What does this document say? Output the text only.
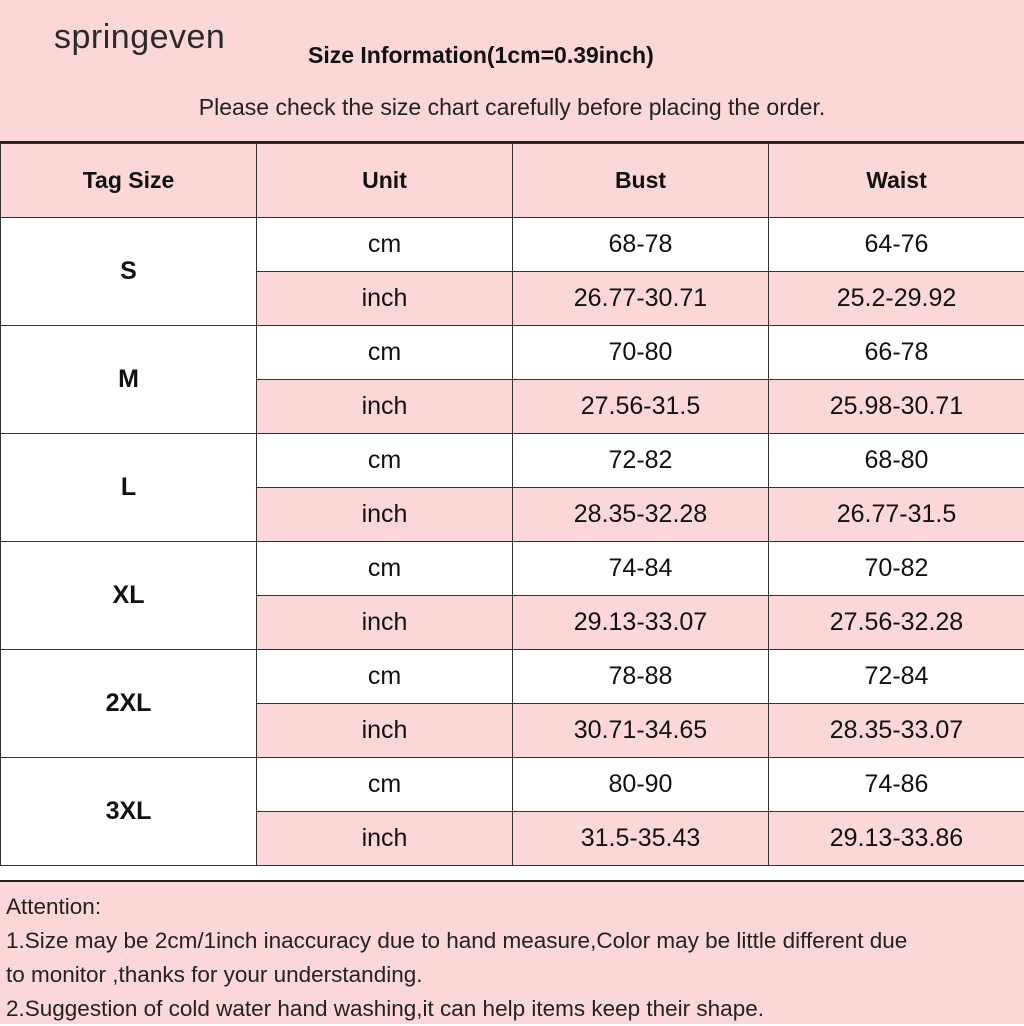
springeven	Size Information(1cm=0.39inch)
Please check the size chart carefully before placing the order.
Tag Size	Unit	Bust	Waist
S	cm	68-78	64-76
	inch	26.77-30.71	25.2-29.92
M	cm	70-80	66-78
	inch	27.56-31.5	25.98-30.71
L	cm	72-82	68-80
	inch	28.35-32.28	26.77-31.5
XL	cm	74-84	70-82
	inch	29.13-33.07	27.56-32.28
2XL	cm	78-88	72-84
	inch	30.71-34.65	28.35-33.07
3XL	cm	80-90	74-86
	inch	31.5-35.43	29.13-33.86

Attention:

1.Size may be 2cm/1inch inaccuracy due to hand measure,Color may be little different due

to monitor ,thanks for your understanding.

2.Suggestion of cold water hand washing,it can help items keep their shape.
